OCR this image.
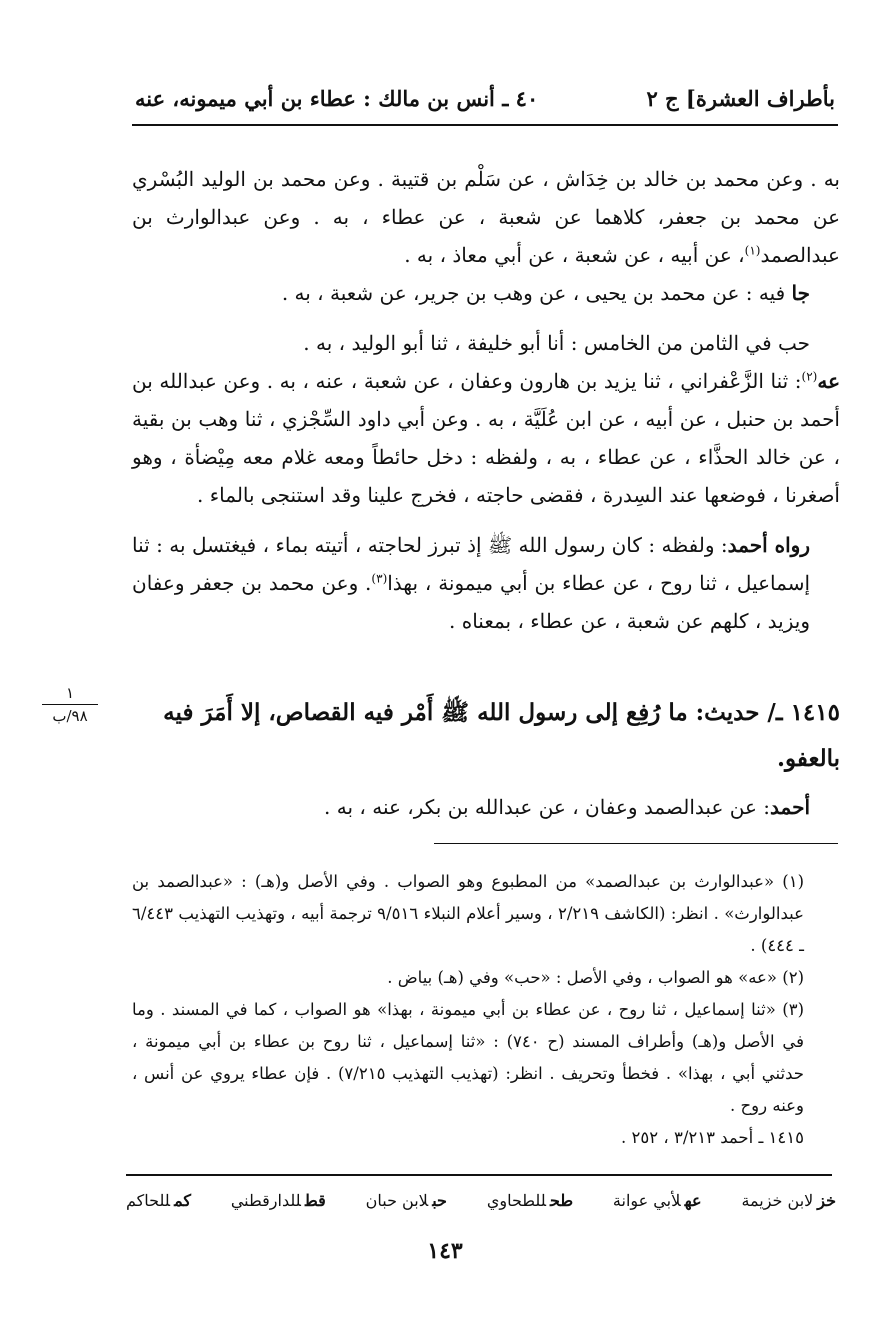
بأطراف العشرة] ج ٢
٤٠ ـ أنس بن مالك : عطاء بن أبي ميمونه، عنه

به . وعن محمد بن خالد بن خِدَاش ، عن سَلْم بن قتيبة . وعن محمد بن الوليد البُسْري عن محمد بن جعفر، كلاهما عن شعبة ، عن عطاء ، به . وعن عبدالوارث بن عبدالصمد$^{(١)}$، عن أبيه ، عن شعبة ، عن أبي معاذ ، به .

جا فيه : عن محمد بن يحيى ، عن وهب بن جرير، عن شعبة ، به .

حب في الثامن من الخامس : أنا أبو خليفة ، ثنا أبو الوليد ، به .

عه$^{(٢)}$: ثنا الزَّعْفراني ، ثنا يزيد بن هارون وعفان ، عن شعبة ، عنه ، به . وعن عبدالله بن أحمد بن حنبل ، عن أبيه ، عن ابن عُلَيَّة ، به . وعن أبي داود السِّجْزي ، ثنا وهب بن بقية ، عن خالد الحذَّاء ، عن عطاء ، به ، ولفظه : دخل حائطاً ومعه غلام معه مِيْضأة ، وهو أصغرنا ، فوضعها عند السِدرة ، فقضى حاجته ، فخرج علينا وقد استنجى بالماء .

رواه أحمد: ولفظه : كان رسول الله ﷺ إذ تبرز لحاجته ، أتيته بماء ، فيغتسل به : ثنا إسماعيل ، ثنا روح ، عن عطاء بن أبي ميمونة ، بهذا$^{(٣)}$. وعن محمد بن جعفر وعفان ويزيد ، كلهم عن شعبة ، عن عطاء ، بمعناه .

١
٩٨/ب	١٤١٥ ـ/ حديث: ما رُفِع إلى رسول الله ﷺ أَمْر فيه القصاص، إلا أَمَرَ فيه بالعفو.
أحمد: عن عبدالصمد وعفان ، عن عبدالله بن بكر، عنه ، به .

(١) «عبدالوارث بن عبدالصمد» من المطبوع وهو الصواب . وفي الأصل و(هـ) : «عبدالصمد بن عبدالوارث» . انظر: (الكاشف ٢/٢١٩ ، وسير أعلام النبلاء ٩/٥١٦ ترجمة أبيه ، وتهذيب التهذيب ٦/٤٤٣ ـ ٤٤٤) .

(٢) «عه» هو الصواب ، وفي الأصل : «حب» وفي (هـ) بياض .

(٣) «ثنا إسماعيل ، ثنا روح ، عن عطاء بن أبي ميمونة ، بهذا» هو الصواب ، كما في المسند . وما في الأصل و(هـ) وأطراف المسند (ح ٧٤٠) : «ثنا إسماعيل ، ثنا روح بن عطاء بن أبي ميمونة ، حدثني أبي ، بهذا» . فخطأ وتحريف . انظر: (تهذيب التهذيب ٧/٢١٥) . فإن عطاء يروي عن أنس ، وعنه روح .

١٤١٥ ـ أحمد ٣/٢١٣ ، ٢٥٢ .

خزلابن خزيمة
عهلأبي عوانة
طحللطحاوي
حبلابن حبان
قطللدارقطني
كمللحاكم
١٤٣
